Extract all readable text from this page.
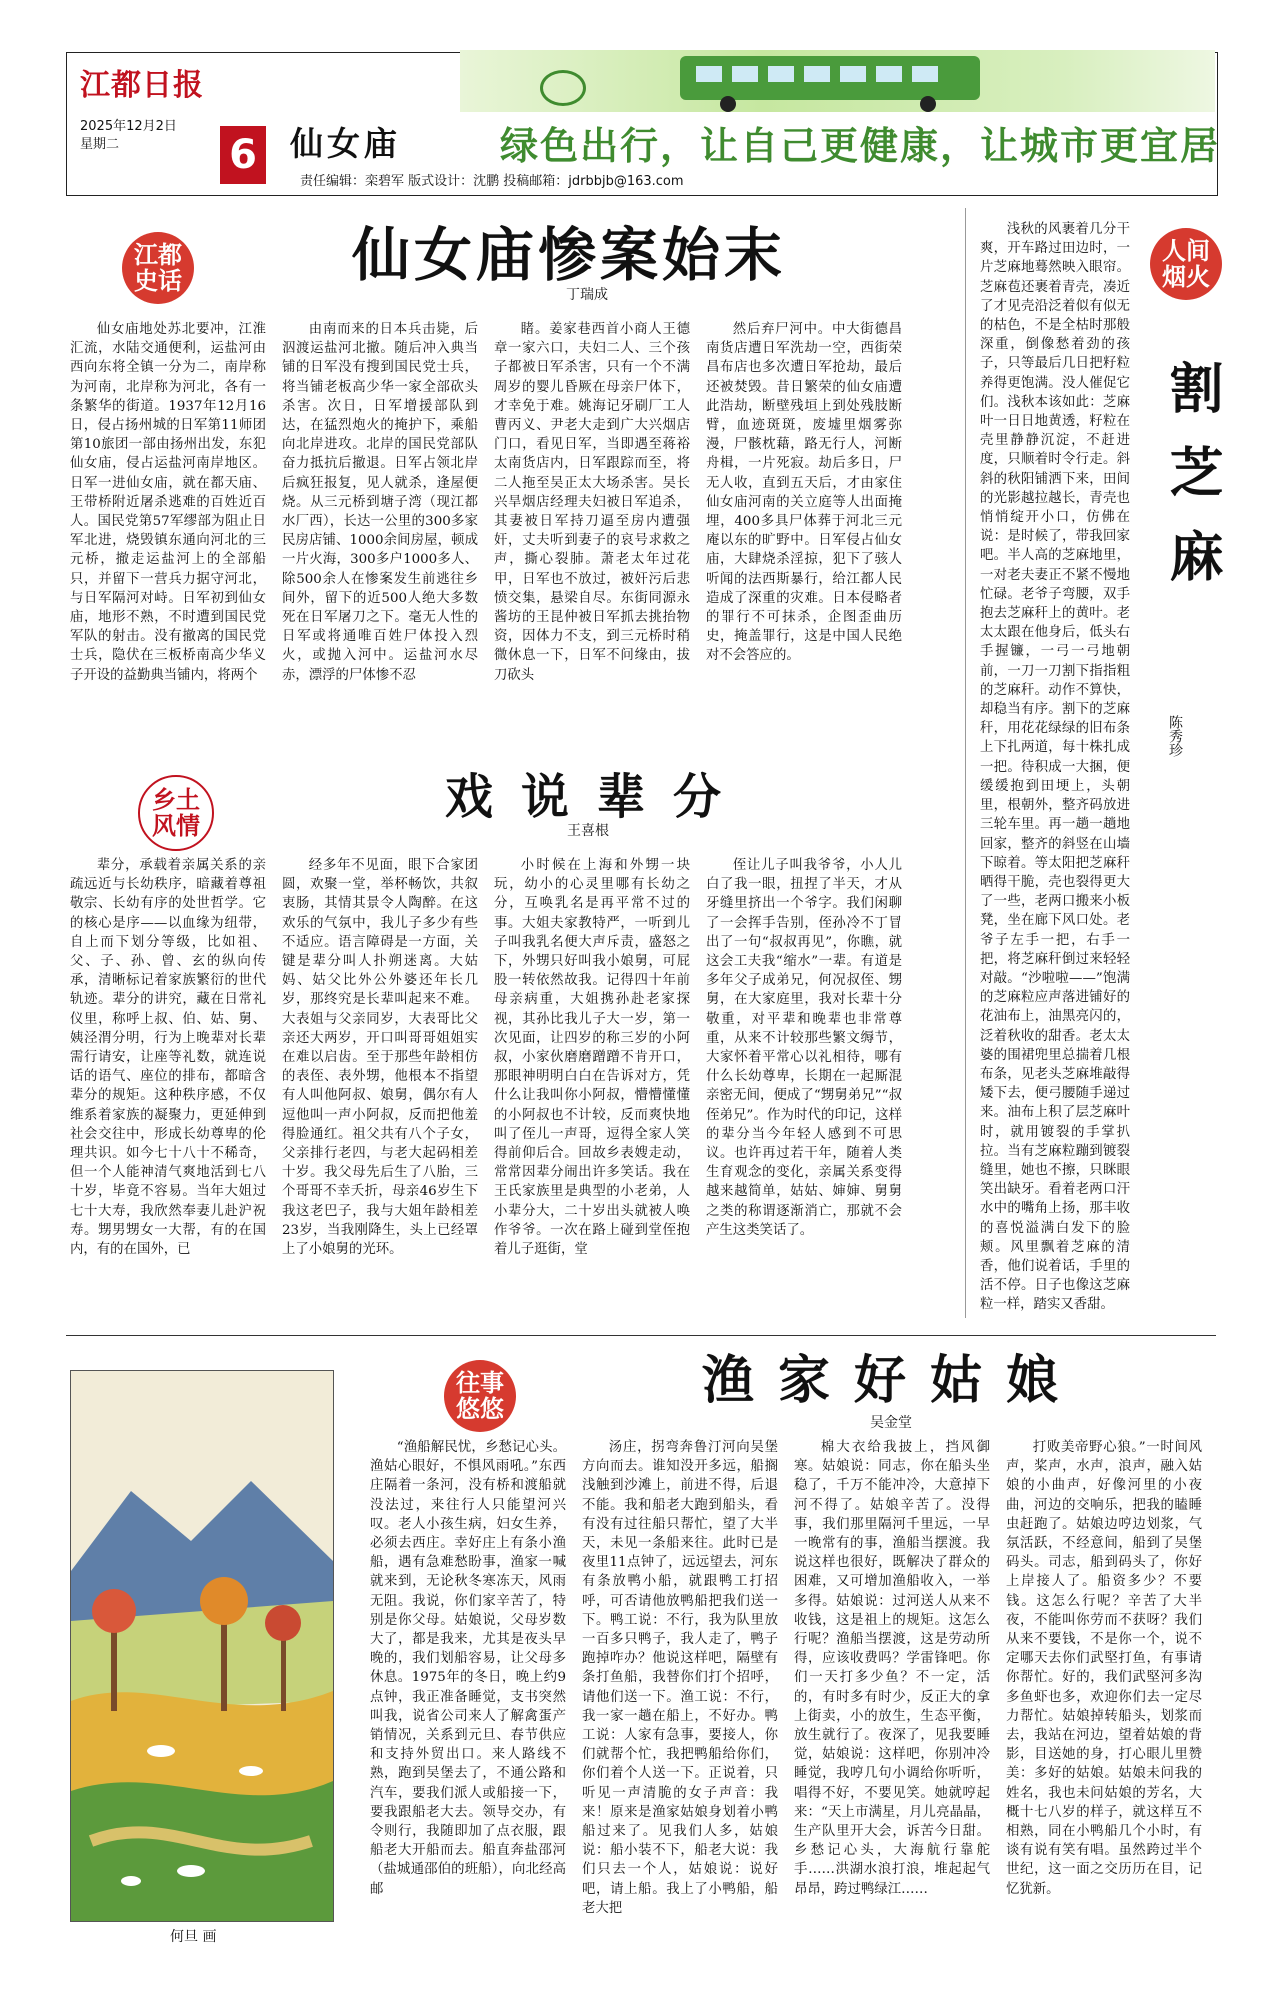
江都日报
2025年12月2日
星期二	6 仙女庙	绿色出行，让自己更健康，让城市更宜居
责任编辑：栾碧军 版式设计：沈鹏 投稿邮箱：jdrbbjb@163.com
江都史话	仙女庙惨案始末
丁瑞成

仙女庙地处苏北要冲，江淮汇流，水陆交通便利，运盐河由西向东将全镇一分为二，南岸称为河南，北岸称为河北，各有一条繁华的街道。1937年12月16日，侵占扬州城的日军第11师团第10旅团一部由扬州出发，东犯仙女庙，侵占运盐河南岸地区。日军一进仙女庙，就在都天庙、王带桥附近屠杀逃难的百姓近百人。国民党第57军缪部为阻止日军北进，烧毁镇东通向河北的三元桥，撤走运盐河上的全部船只，并留下一营兵力据守河北，与日军隔河对峙。日军初到仙女庙，地形不熟，不时遭到国民党军队的射击。没有撤离的国民党士兵，隐伏在三板桥南高少华义子开设的益勤典当铺内，将两个

由南而来的日本兵击毙，后泅渡运盐河北撤。随后冲入典当铺的日军没有搜到国民党士兵，将当铺老板高少华一家全部砍头杀害。次日，日军增援部队到达，在猛烈炮火的掩护下，乘船向北岸进攻。北岸的国民党部队奋力抵抗后撤退。日军占领北岸后疯狂报复，见人就杀，逢屋便烧。从三元桥到塘子湾（现江都水厂西），长达一公里的300多家民房店铺、1000余间房屋，顿成一片火海，300多户1000多人、除500余人在惨案发生前逃往乡间外，留下的近500人绝大多数死在日军屠刀之下。毫无人性的日军或将通唯百姓尸体投入烈火，或抛入河中。运盐河水尽赤，漂浮的尸体惨不忍

睹。姜家巷西首小商人王德章一家六口，夫妇二人、三个孩子都被日军杀害，只有一个不满周岁的婴儿昏厥在母亲尸体下，才幸免于难。姚海记牙刷厂工人曹丙义、尹老大走到广大兴烟店门口，看见日军，当即遇至蒋裕太南货店内，日军跟踪而至，将二人拖至吴正太大场杀害。吴长兴旱烟店经理夫妇被日军追杀，其妻被日军持刀逼至房内遭强奸，丈夫听到妻子的哀号求救之声，撕心裂肺。萧老太年过花甲，日军也不放过，被奸污后悲愤交集，悬梁自尽。东街同源永酱坊的王昆仲被日军抓去挑抬物资，因体力不支，到三元桥时稍微休息一下，日军不问缘由，拔刀砍头

然后弃尸河中。中大街德昌南货店遭日军洗劫一空，西街荣昌布店也多次遭日军抢劫，最后还被焚毁。昔日繁荣的仙女庙遭此浩劫，断壁残垣上到处残肢断臂，血迹斑斑，废墟里烟雾弥漫，尸骸枕藉，路无行人，河断舟楫，一片死寂。劫后多日，尸无人收，直到五天后，才由家住仙女庙河南的关立庭等人出面掩埋，400多具尸体葬于河北三元庵以东的旷野中。日军侵占仙女庙，大肆烧杀淫掠，犯下了骇人听闻的法西斯暴行，给江都人民造成了深重的灾难。日本侵略者的罪行不可抹杀，企图歪曲历史，掩盖罪行，这是中国人民绝对不会答应的。

人间烟火
割芝麻
陈秀珍

浅秋的风裹着几分干爽，开车路过田边时，一片芝麻地蓦然映入眼帘。芝麻苞还裹着青壳，凑近了才见壳沿泛着似有似无的枯色，不是全枯时那般深重，倒像愁着劲的孩子，只等最后几日把籽粒养得更饱满。没人催促它们。浅秋本该如此：芝麻叶一日日地黄透，籽粒在壳里静静沉淀，不赶进度，只顺着时令行走。斜斜的秋阳铺洒下来，田间的光影越拉越长，青壳也悄悄绽开小口，仿佛在说：是时候了，带我回家吧。半人高的芝麻地里，一对老夫妻正不紧不慢地忙碌。老爷子弯腰，双手抱去芝麻秆上的黄叶。老太太跟在他身后，低头右手握镰，一弓一弓地朝前，一刀一刀割下指指粗的芝麻秆。动作不算快，却稳当有序。割下的芝麻秆，用花花绿绿的旧布条上下扎两道，每十株扎成一把。待积成一大捆，便缓缓抱到田埂上，头朝里，根朝外，整齐码放进三轮车里。再一趟一趟地回家，整齐的斜竖在山墙下晾着。等太阳把芝麻秆晒得干脆，壳也裂得更大了一些，老两口搬来小板凳，坐在廊下风口处。老爷子左手一把，右手一把，将芝麻秆倒过来轻轻对敲。“沙啦啦——”饱满的芝麻粒应声落进铺好的花油布上，油黑亮闪的，泛着秋收的甜香。老太太婆的围裙兜里总揣着几根布条，见老头芝麻堆敲得矮下去，便弓腰随手递过来。油布上积了层芝麻叶时，就用镀裂的手掌扒拉。当有芝麻粒蹦到镀裂缝里，她也不擦，只眯眼笑出缺牙。看着老两口汗水中的嘴角上扬，那丰收的喜悦溢满白发下的脸颊。风里飘着芝麻的清香，他们说着话，手里的活不停。日子也像这芝麻粒一样，踏实又香甜。

乡土风情
戏说辈分
王喜根

辈分，承载着亲属关系的亲疏远近与长幼秩序，暗藏着尊祖敬宗、长幼有序的处世哲学。它的核心是序——以血缘为纽带，自上而下划分等级，比如祖、父、子、孙、曾、玄的纵向传承，清晰标记着家族繁衍的世代轨迹。辈分的讲究，藏在日常礼仪里，称呼上叔、伯、姑、舅、姨泾渭分明，行为上晚辈对长辈需行请安，让座等礼数，就连说话的语气、座位的排布，都暗含辈分的规矩。这种秩序感，不仅维系着家族的凝聚力，更延伸到社会交往中，形成长幼尊卑的伦理共识。如今七十八十不稀奇，但一个人能神清气爽地活到七八十岁，毕竟不容易。当年大姐过七十大寿，我欣然奉妻儿赴沪祝寿。甥男甥女一大帮，有的在国内，有的在国外，已

经多年不见面，眼下合家团圆，欢聚一堂，举杯畅饮，共叙衷肠，其情其景令人陶醉。在这欢乐的气氛中，我儿子多少有些不适应。语言障碍是一方面，关键是辈分叫人扑朔迷离。大姑妈、姑父比外公外婆还年长几岁，那终究是长辈叫起来不难。大表姐与父亲同岁，大表哥比父亲还大两岁，开口叫哥哥姐姐实在难以启齿。至于那些年龄相仿的表侄、表外甥，他根本不指望有人叫他阿叔、娘舅，偶尔有人逗他叫一声小阿叔，反而把他羞得脸通红。祖父共有八个子女，父亲排行老四，与老大起码相差十岁。我父母先后生了八胎，三个哥哥不幸夭折，母亲46岁生下我这老巴子，我与大姐年龄相差23岁，当我刚降生，头上已经罩上了小娘舅的光环。

小时候在上海和外甥一块玩，幼小的心灵里哪有长幼之分，互唤乳名是再平常不过的事。大姐夫家教特严，一听到儿子叫我乳名便大声斥责，盛怒之下，外甥只好叫我小娘舅，可屁股一转依然故我。记得四十年前母亲病重，大姐携孙赴老家探视，其孙比我儿子大一岁，第一次见面，让四岁的称三岁的小阿叔，小家伙磨磨蹭蹭不肯开口，那眼神明明白白在告诉对方，凭什么让我叫你小阿叔，懵懵懂懂的小阿叔也不计较，反而爽快地叫了侄儿一声哥，逗得全家人笑得前仰后合。回故乡表嫂走动，常常因辈分闹出许多笑话。我在王氏家族里是典型的小老弟，人小辈分大，二十岁出头就被人唤作爷爷。一次在路上碰到堂侄抱着儿子逛街，堂

侄让儿子叫我爷爷，小人儿白了我一眼，扭捏了半天，才从牙缝里挤出一个爷字。我们闲聊了一会挥手告别，侄孙冷不丁冒出了一句“叔叔再见”，你瞧，就这会工夫我“缩水”一辈。有道是多年父子成弟兄，何况叔侄、甥舅，在大家庭里，我对长辈十分敬重，对平辈和晚辈也非常尊重，从来不计较那些繁文缛节，大家怀着平常心以礼相待，哪有什么长幼尊卑，长期在一起厮混亲密无间，便成了“甥舅弟兄”“叔侄弟兄”。作为时代的印记，这样的辈分当今年轻人感到不可思议。也许再过若干年，随着人类生育观念的变化，亲属关系变得越来越简单，姑姑、婶婶、舅舅之类的称谓逐渐消亡，那就不会产生这类笑话了。

何旦 画
往事悠悠	渔家好姑娘
吴金堂

“渔船解民忧，乡愁记心头。渔姑心眼好，不惧风雨吼。”东西庄隔着一条河，没有桥和渡船就没法过，来往行人只能望河兴叹。老人小孩生病，妇女生养，必须去西庄。幸好庄上有条小渔船，遇有急难愁盼事，渔家一喊就来到，无论秋冬寒冻天，风雨无阻。我说，你们家辛苦了，特别是你父母。姑娘说，父母岁数大了，都是我来，尤其是夜头早晚的，我们划船容易，让父母多休息。1975年的冬日，晚上约9点钟，我正准备睡觉，支书突然叫我，说省公司来人了解禽蛋产销情况，关系到元旦、春节供应和支持外贸出口。来人路线不熟，跑到吴堡去了，不通公路和汽车，要我们派人或船接一下，要我跟船老大去。领导交办，有令则行，我随即加了点衣服，跟船老大开船而去。船直奔盐邵河（盐城通邵伯的班船），向北经高邮

汤庄，拐弯奔鲁汀河向吴堡方向而去。谁知没开多远，船搁浅触到沙滩上，前进不得，后退不能。我和船老大跑到船头，看有没有过往船只帮忙，望了大半天，未见一条船来往。此时已是夜里11点钟了，远远望去，河东有条放鸭小船，就跟鸭工打招呼，可否请他放鸭船把我们送一下。鸭工说：不行，我为队里放一百多只鸭子，我人走了，鸭子跑掉咋办？他说这样吧，隔壁有条打鱼船，我替你们打个招呼，请他们送一下。渔工说：不行，我一家一趟在船上，不好办。鸭工说：人家有急事，要接人，你们就帮个忙，我把鸭船给你们，你们着个人送一下。正说着，只听见一声清脆的女子声音：我来！原来是渔家姑娘身划着小鸭船过来了。见我们人多，姑娘说：船小装不下，船老大说：我们只去一个人，姑娘说：说好吧，请上船。我上了小鸭船，船老大把

棉大衣给我披上，挡风御寒。姑娘说：同志，你在船头坐稳了，千万不能冲冷，大意掉下河不得了。姑娘辛苦了。没得事，我们那里隔河千里远，一早一晚常有的事，渔船当摆渡。我说这样也很好，既解决了群众的困难，又可增加渔船收入，一举多得。姑娘说：过河送人从来不收钱，这是祖上的规矩。这怎么行呢？渔船当摆渡，这是劳动所得，应该收费吗？学雷锋吧。你们一天打多少鱼？不一定，活的，有时多有时少，反正大的拿上街卖，小的放生，生态平衡，放生就行了。夜深了，见我要睡觉，姑娘说：这样吧，你别冲冷睡觉，我哼几句小调给你听听，唱得不好，不要见笑。她就哼起来：“天上市满星，月儿亮晶晶，生产队里开大会，诉苦今日甜。乡愁记心头，大海航行靠舵手……洪湖水浪打浪，堆起起气昂昂，跨过鸭绿江……

打败美帝野心狼。”一时间风声，桨声，水声，浪声，融入姑娘的小曲声，好像河里的小夜曲，河边的交响乐，把我的瞌睡虫赶跑了。姑娘边哼边划浆，气氛活跃，不经意间，船到了吴堡码头。司志，船到码头了，你好上岸接人了。船资多少？不要钱。这怎么行呢？辛苦了大半夜，不能叫你劳而不获呀？我们从来不要钱，不是你一个，说不定哪天去你们武堅打鱼，有事请你帮忙。好的，我们武堅河多沟多鱼虾也多，欢迎你们去一定尽力帮忙。姑娘掉转船头，划浆而去，我站在河边，望着姑娘的背影，目送她的身，打心眼儿里赞美：多好的姑娘。姑娘未问我的姓名，我也未问姑娘的芳名，大概十七八岁的样子，就这样互不相熟，同在小鸭船几个小时，有谈有说有笑有唱。虽然跨过半个世纪，这一面之交历历在目，记忆犹新。
